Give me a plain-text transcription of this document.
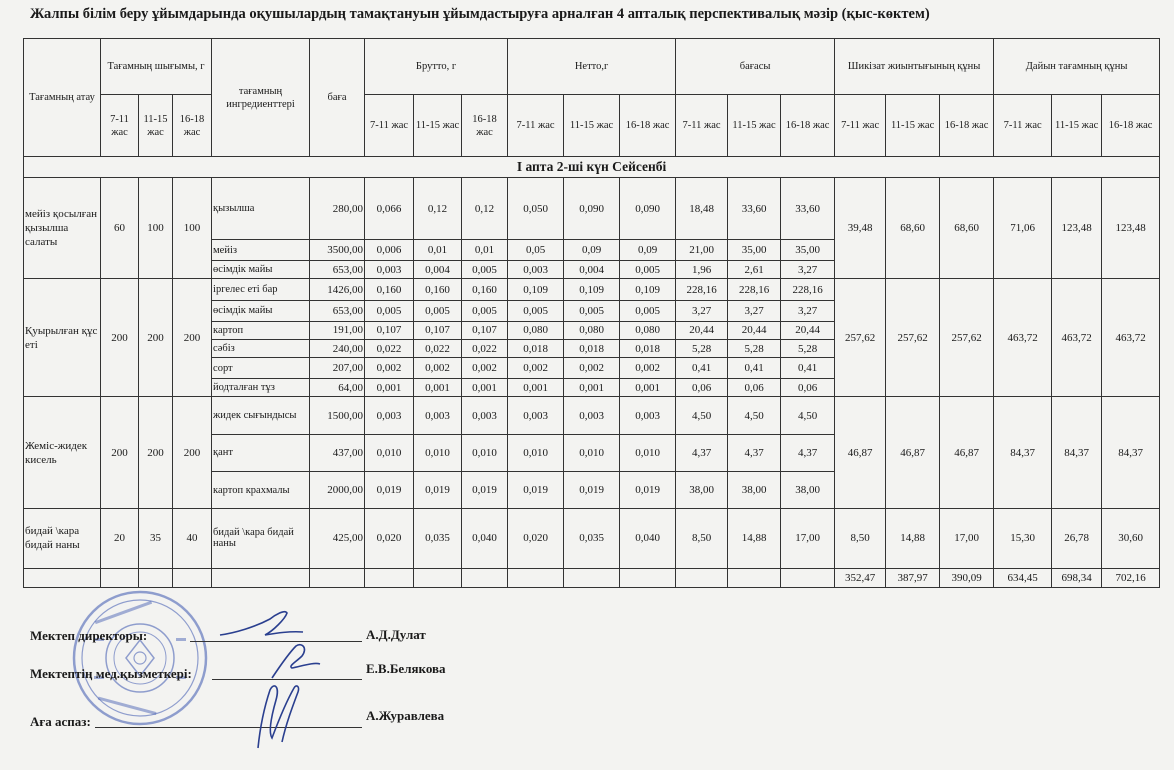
Жалпы білім беру ұйымдарында оқушылардың тамақтануын ұйымдастыруға арналған 4 апталық перспективалық мәзір (қыс-көктем)
Тағамның атау	Тағамның шығымы, г			тағамның ингредиенттері	баға	Брутто, г			Нетто,г			бағасы			Шикізат жиынтығының құны			Дайын тағамның құны		
	7-11 жас	11-15 жас	16-18 жас			7-11 жас	11-15 жас	16-18 жас	7-11 жас	11-15 жас	16-18 жас	7-11 жас	11-15 жас	16-18 жас	7-11 жас	11-15 жас	16-18 жас	7-11 жас	11-15 жас	16-18 жас
І апта 2-ші күн Сейсенбі																				
мейіз қосылған қызылша салаты	60	100	100	қызылша	280,00	0,066	0,12	0,12	0,050	0,090	0,090	18,48	33,60	33,60	39,48	68,60	68,60	71,06	123,48	123,48
				мейіз	3500,00	0,006	0,01	0,01	0,05	0,09	0,09	21,00	35,00	35,00						
				өсімдік майы	653,00	0,003	0,004	0,005	0,003	0,004	0,005	1,96	2,61	3,27						
Қуырылған құс еті	200	200	200	іргелес еті бар	1426,00	0,160	0,160	0,160	0,109	0,109	0,109	228,16	228,16	228,16	257,62	257,62	257,62	463,72	463,72	463,72
				өсімдік майы	653,00	0,005	0,005	0,005	0,005	0,005	0,005	3,27	3,27	3,27						
				картоп	191,00	0,107	0,107	0,107	0,080	0,080	0,080	20,44	20,44	20,44						
				сәбіз	240,00	0,022	0,022	0,022	0,018	0,018	0,018	5,28	5,28	5,28						
				сорт	207,00	0,002	0,002	0,002	0,002	0,002	0,002	0,41	0,41	0,41						
				йодталған тұз	64,00	0,001	0,001	0,001	0,001	0,001	0,001	0,06	0,06	0,06						
Жеміс-жидек кисель	200	200	200	жидек сығындысы	1500,00	0,003	0,003	0,003	0,003	0,003	0,003	4,50	4,50	4,50	46,87	46,87	46,87	84,37	84,37	84,37
				қант	437,00	0,010	0,010	0,010	0,010	0,010	0,010	4,37	4,37	4,37						
				картоп крахмалы	2000,00	0,019	0,019	0,019	0,019	0,019	0,019	38,00	38,00	38,00						
бидай \кара бидай наны	20	35	40	бидай \кара бидай наны	425,00	0,020	0,035	0,040	0,020	0,035	0,040	8,50	14,88	17,00	8,50	14,88	17,00	15,30	26,78	30,60
															352,47	387,97	390,09	634,45	698,34	702,16
Мектеп директоры:	А.Д.Дулат
Мектептің мед.қызметкері:	Е.В.Белякова
Аға аспаз:	А.Журавлева
